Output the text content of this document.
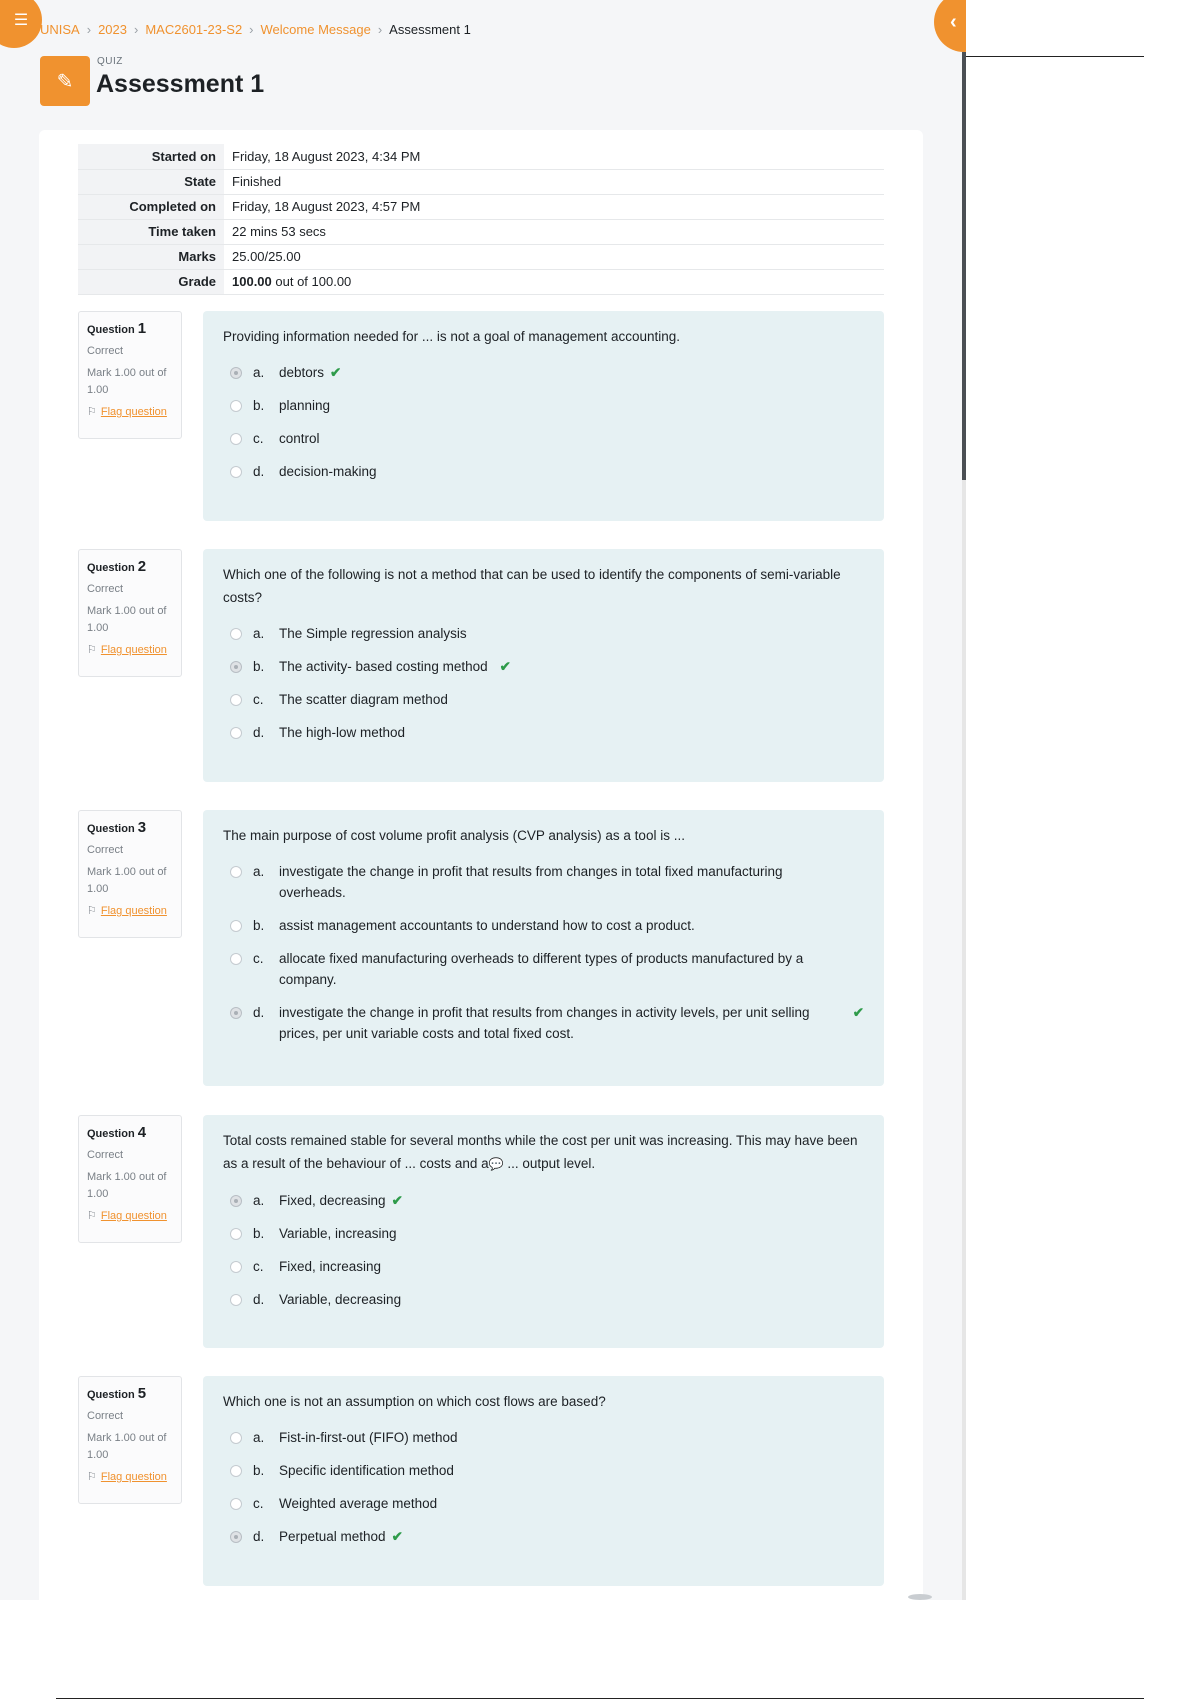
☰	‹
UNISA › 2023 › MAC2601-23-S2 › Welcome Message › Assessment 1
✎
QUIZ
Assessment 1
Started on	Friday, 18 August 2023, 4:34 PM
State	Finished
Completed on	Friday, 18 August 2023, 4:57 PM
Time taken	22 mins 53 secs
Marks	25.00/25.00
Grade	100.00 out of 100.00
Question 1
Correct
Mark 1.00 out of 1.00
⚐ Flag question

Providing information needed for ... is not a goal of management accounting.

a. debtors ✔
b. planning
c. control
d. decision-making
Question 2
Correct
Mark 1.00 out of 1.00
⚐ Flag question

Which one of the following is not a method that can be used to identify the components of semi-variable costs?

a. The Simple regression analysis
b. The activity- based costing method ✔
c. The scatter diagram method
d. The high-low method
Question 3
Correct
Mark 1.00 out of 1.00
⚐ Flag question

The main purpose of cost volume profit analysis (CVP analysis) as a tool is ...

a. investigate the change in profit that results from changes in total fixed manufacturing overheads.
b. assist management accountants to understand how to cost a product.
c. allocate fixed manufacturing overheads to different types of products manufactured by a company.
d. investigate the change in profit that results from changes in activity levels, per unit selling prices, per unit variable costs and total fixed cost.
✔
Question 4
Correct
Mark 1.00 out of 1.00
⚐ Flag question

Total costs remained stable for several months while the cost per unit was increasing. This may have been as a result of the behaviour of ... costs and a💬 ... output level.

a. Fixed, decreasing ✔
b. Variable, increasing
c. Fixed, increasing
d. Variable, decreasing
Question 5
Correct
Mark 1.00 out of 1.00
⚐ Flag question

Which one is not an assumption on which cost flows are based?

a. Fist-in-first-out (FIFO) method
b. Specific identification method
c. Weighted average method
d. Perpetual method ✔
